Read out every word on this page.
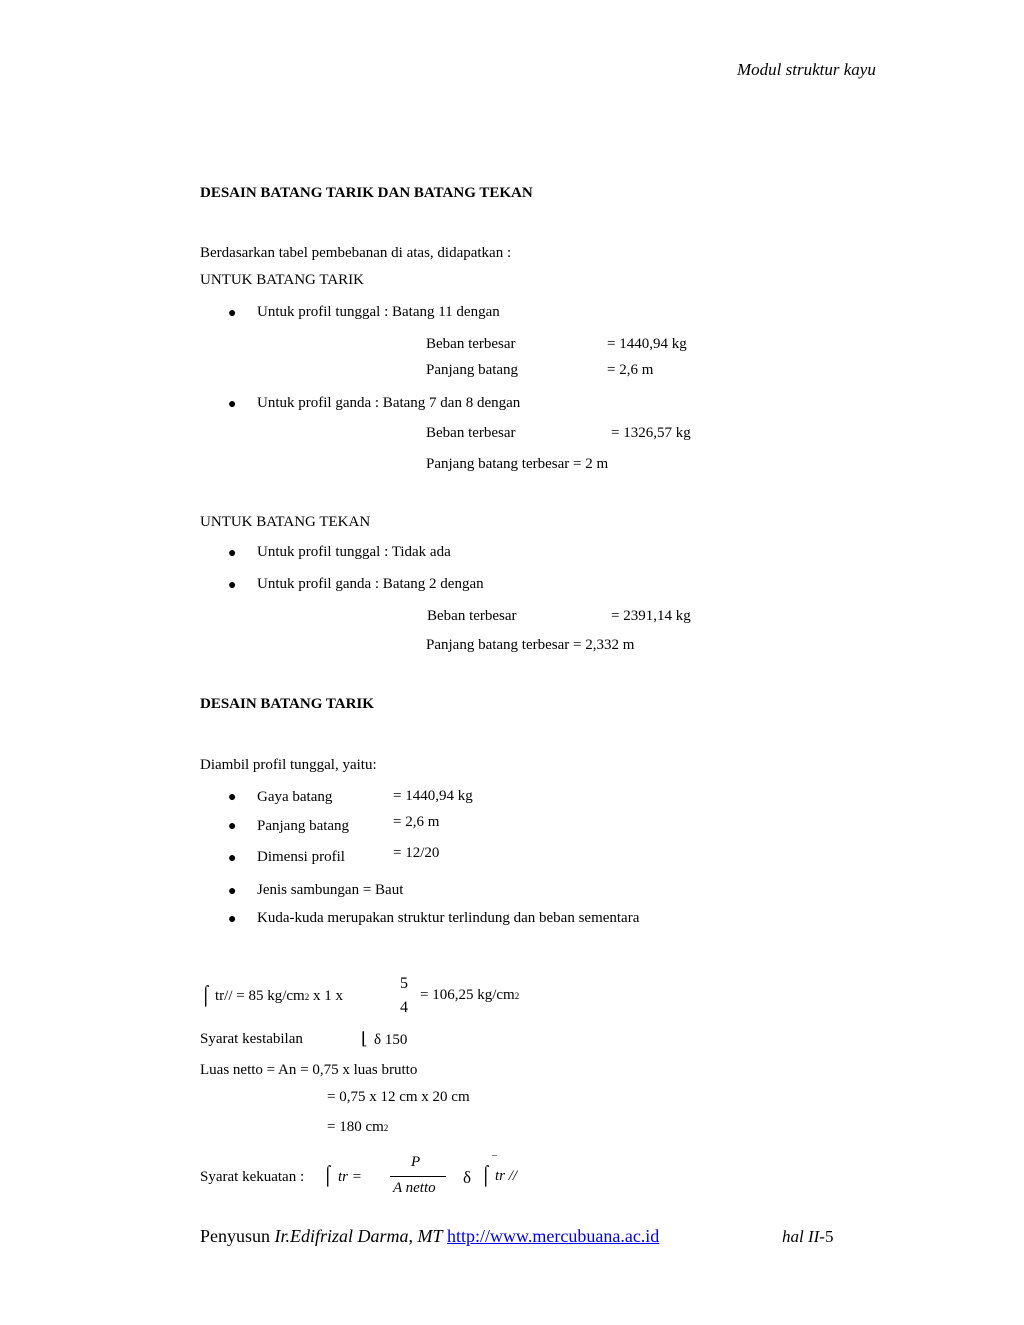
Modul struktur kayu
DESAIN BATANG TARIK DAN BATANG TEKAN
Berdasarkan tabel pembebanan di atas, didapatkan :
UNTUK BATANG TARIK
● Untuk profil tunggal : Batang 11 dengan
Beban terbesar	= 1440,94 kg
Panjang batang	= 2,6 m
● Untuk profil ganda : Batang 7 dan 8 dengan
Beban terbesar	= 1326,57 kg
Panjang batang terbesar = 2 m
UNTUK BATANG TEKAN
● Untuk profil tunggal : Tidak ada
● Untuk profil ganda : Batang 2 dengan
Beban terbesar	= 2391,14 kg
Panjang batang terbesar = 2,332 m
DESAIN BATANG TARIK
Diambil profil tunggal, yaitu:
● Gaya batang	= 1440,94 kg
● Panjang batang	= 2,6 m
● Dimensi profil	= 12/20
● Jenis sambungan = Baut
● Kuda-kuda merupakan struktur terlindung dan beban sementara
⌠ tr// = 85 kg/cm2 x 1 x
5
4
= 106,25 kg/cm2
Syarat kestabilan	⌊ δ 150
Luas netto = An = 0,75 x luas brutto
= 0,75 x 12 cm x 20 cm
= 180 cm2
Syarat kekuatan : ⌠ tr =
P
A netto
δ ⌠
¯
tr //
Penyusun Ir.Edifrizal Darma, MT http://www.mercubuana.ac.id	hal II-5
